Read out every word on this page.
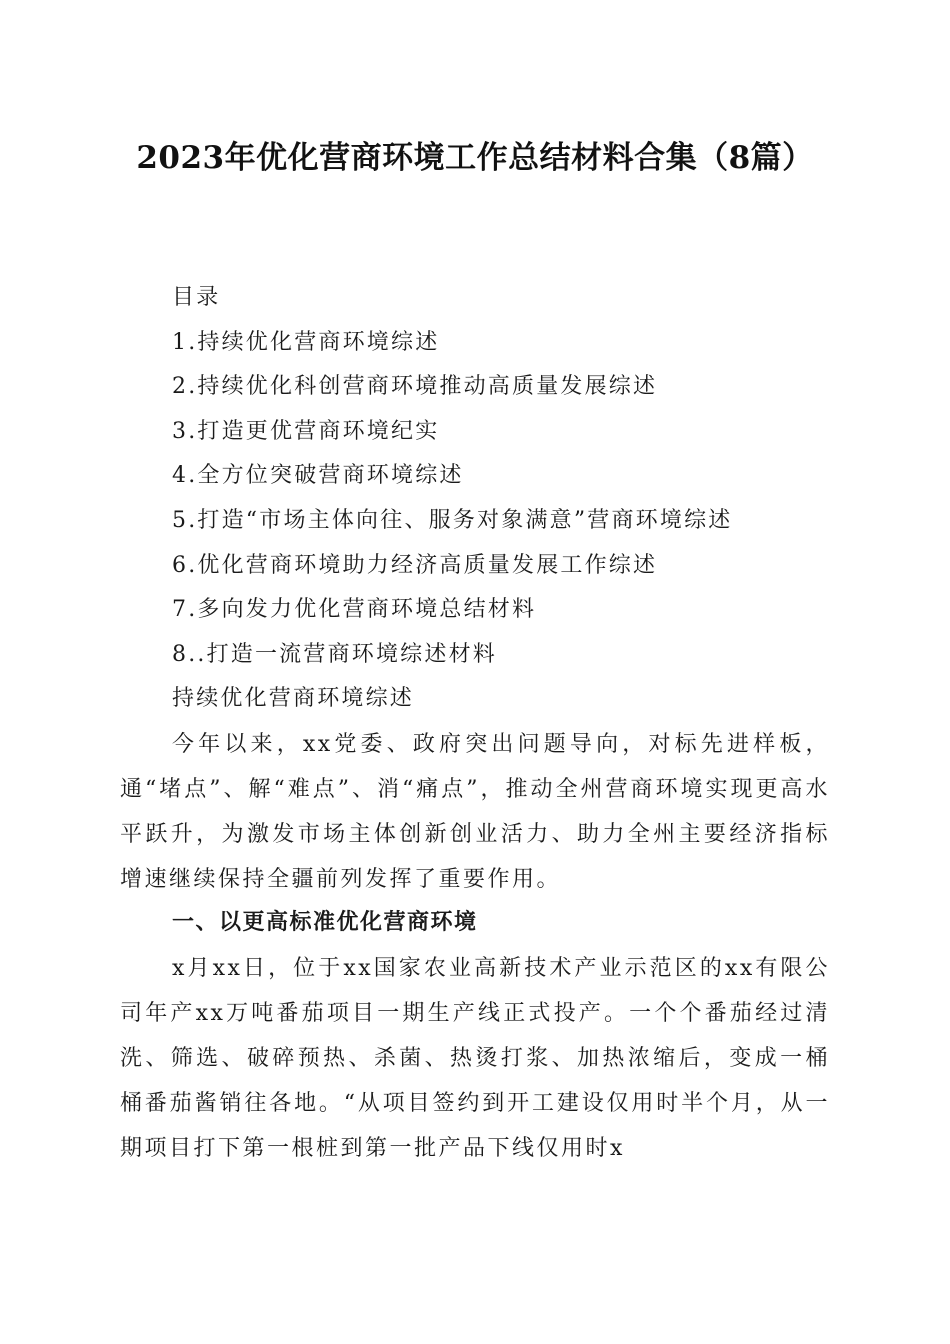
2023年优化营商环境工作总结材料合集（8篇）
目录
1.持续优化营商环境综述
2.持续优化科创营商环境推动高质量发展综述
3.打造更优营商环境纪实
4.全方位突破营商环境综述
5.打造“市场主体向往、服务对象满意”营商环境综述
6.优化营商环境助力经济高质量发展工作综述
7.多向发力优化营商环境总结材料
8..打造一流营商环境综述材料
持续优化营商环境综述

今年以来，xx党委、政府突出问题导向，对标先进样板，通“堵点”、解“难点”、消“痛点”，推动全州营商环境实现更高水平跃升，为激发市场主体创新创业活力、助力全州主要经济指标增速继续保持全疆前列发挥了重要作用。

一、以更高标准优化营商环境

x月xx日，位于xx国家农业高新技术产业示范区的xx有限公司年产xx万吨番茄项目一期生产线正式投产。一个个番茄经过清洗、筛选、破碎预热、杀菌、热烫打浆、加热浓缩后，变成一桶桶番茄酱销往各地。“从项目签约到开工建设仅用时半个月，从一期项目打下第一根桩到第一批产品下线仅用时x
